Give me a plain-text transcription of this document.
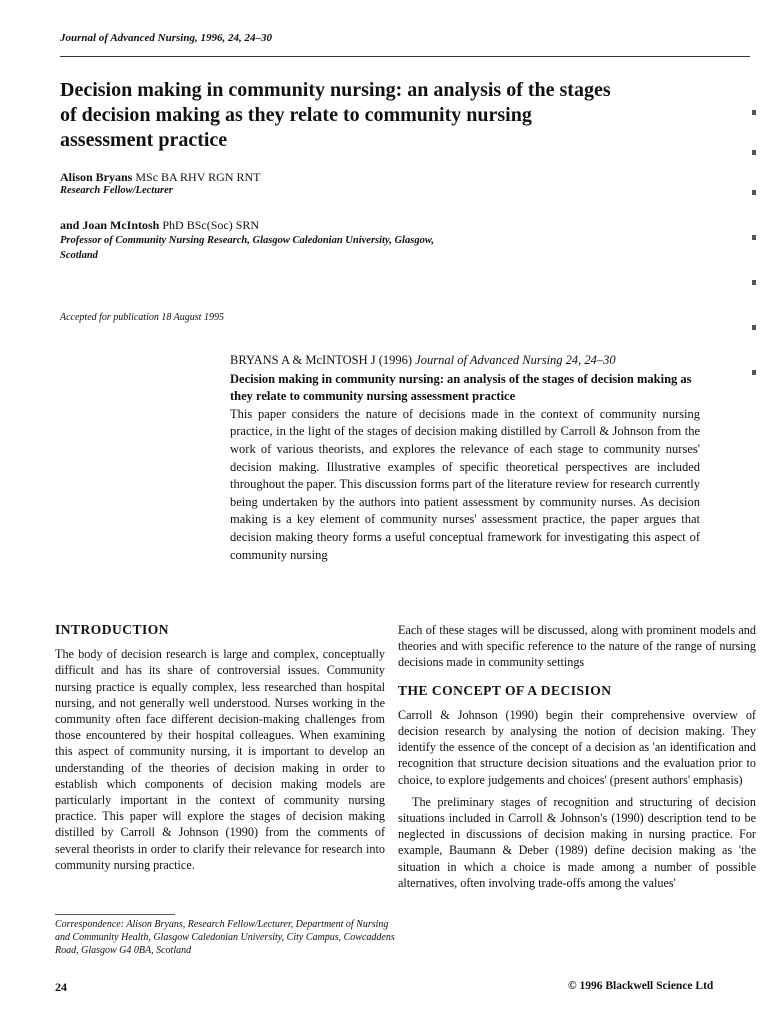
Journal of Advanced Nursing, 1996, 24, 24–30
Decision making in community nursing: an analysis of the stages of decision making as they relate to community nursing assessment practice
Alison Bryans MSc BA RHV RGN RNT
Research Fellow/Lecturer
and Joan McIntosh PhD BSc(Soc) SRN
Professor of Community Nursing Research, Glasgow Caledonian University, Glasgow,
Scotland
Accepted for publication 18 August 1995
BRYANS A & McINTOSH J (1996) Journal of Advanced Nursing 24, 24–30
Decision making in community nursing: an analysis of the stages of decision making as they relate to community nursing assessment practice

This paper considers the nature of decisions made in the context of community nursing practice, in the light of the stages of decision making distilled by Carroll & Johnson from the work of various theorists, and explores the relevance of each stage to community nurses' decision making. Illustrative examples of specific theoretical perspectives are included throughout the paper. This discussion forms part of the literature review for research currently being undertaken by the authors into patient assessment by community nurses. As decision making is a key element of community nurses' assessment practice, the paper argues that decision making theory forms a useful conceptual framework for investigating this aspect of community nursing

INTRODUCTION

The body of decision research is large and complex, conceptually difficult and has its share of controversial issues. Community nursing practice is equally complex, less researched than hospital nursing, and not generally well understood. Nurses working in the community often face different decision-making challenges from those encountered by their hospital colleagues. When examining this aspect of community nursing, it is important to develop an understanding of the theories of decision making in order to establish which components of decision making models are particularly important in the context of community nursing practice. This paper will explore the stages of decision making distilled by Carroll & Johnson (1990) from the comments of several theorists in order to clarify their relevance for research into community nursing practice.

Each of these stages will be discussed, along with prominent models and theories and with specific reference to the nature of the range of nursing decisions made in community settings

THE CONCEPT OF A DECISION

Carroll & Johnson (1990) begin their comprehensive overview of decision research by analysing the notion of decision making. They identify the essence of the concept of a decision as 'an identification and recognition that structure decision situations and the evaluation prior to choice, to explore judgements and choices' (present authors' emphasis)

The preliminary stages of recognition and structuring of decision situations included in Carroll & Johnson's (1990) description tend to be neglected in discussions of decision making in nursing practice. For example, Baumann & Deber (1989) define decision making as 'the situation in which a choice is made among a number of possible alternatives, often involving trade-offs among the values'

Correspondence: Alison Bryans, Research Fellow/Lecturer, Department of Nursing and Community Health, Glasgow Caledonian University, City Campus, Cowcaddens Road, Glasgow G4 0BA, Scotland
24	© 1996 Blackwell Science Ltd
